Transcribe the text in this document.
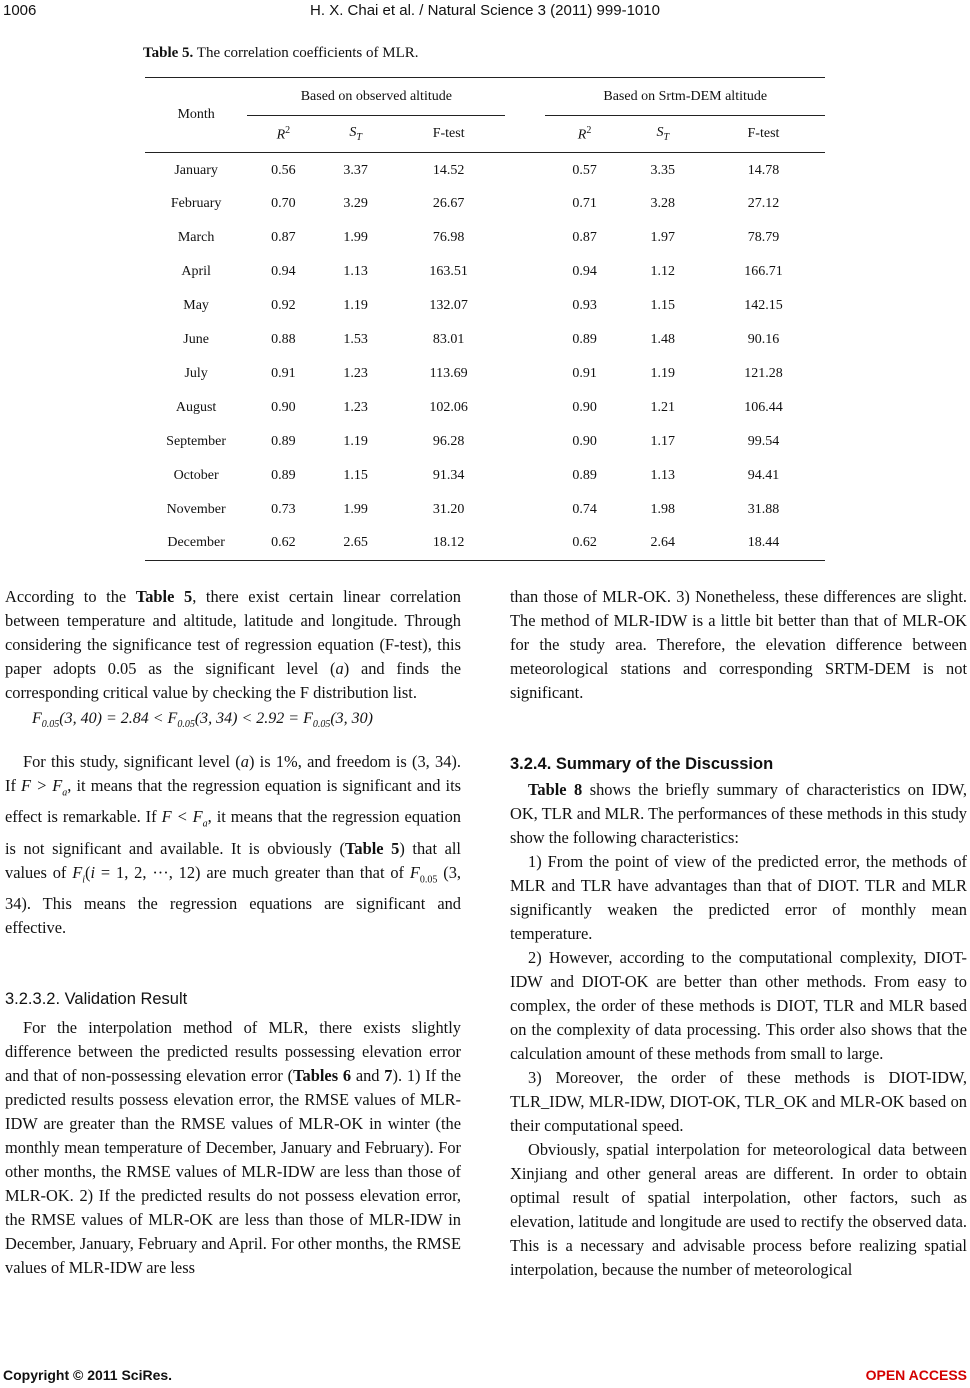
H. X. Chai et al. / Natural Science 3 (2011) 999-1010
1006
Table 5. The correlation coefficients of MLR.
Month	Based on observed altitude				Based on Srtm-DEM altitude		
	$R^2$	$S_T$	F-test		$R^2$	$S_T$	F-test
January	0.56	3.37	14.52		0.57	3.35	14.78
February	0.70	3.29	26.67		0.71	3.28	27.12
March	0.87	1.99	76.98		0.87	1.97	78.79
April	0.94	1.13	163.51		0.94	1.12	166.71
May	0.92	1.19	132.07		0.93	1.15	142.15
June	0.88	1.53	83.01		0.89	1.48	90.16
July	0.91	1.23	113.69		0.91	1.19	121.28
August	0.90	1.23	102.06		0.90	1.21	106.44
September	0.89	1.19	96.28		0.90	1.17	99.54
October	0.89	1.15	91.34		0.89	1.13	94.41
November	0.73	1.99	31.20		0.74	1.98	31.88
December	0.62	2.65	18.12		0.62	2.64	18.44

According to the Table 5, there exist certain linear correlation between temperature and altitude, latitude and longitude. Through considering the significance test of regression equation (F-test), this paper adopts 0.05 as the significant level (a) and finds the corresponding critical value by checking the F distribution list.

$F_{0.05}(3$, $40) = 2.84 < F_{0.05}(3$, $34) < 2.92 = F_{0.05}(3$, 30)

For this study, significant level (a) is 1%, and freedom is (3, 34). If $F > F_a$, it means that the regression equation is significant and its effect is remarkable. If $F < F_a$, it means that the regression equation is not significant and available. It is obviously (Table 5) that all values of $F_i(i = 1$, 2, ···, 12) are much greater than that of $F_{0.05}$ (3, 34). This means the regression equations are significant and effective.

3.2.3.2. Validation Result

For the interpolation method of MLR, there exists slightly difference between the predicted results possessing elevation error and that of non-possessing elevation error (Tables 6 and 7). 1) If the predicted results possess elevation error, the RMSE values of MLR-IDW are greater than the RMSE values of MLR-OK in winter (the monthly mean temperature of December, January and February). For other months, the RMSE values of MLR-IDW are less than those of MLR-OK. 2) If the predicted results do not possess elevation error, the RMSE values of MLR-OK are less than those of MLR-IDW in December, January, February and April. For other months, the RMSE values of MLR-IDW are less

than those of MLR-OK. 3) Nonetheless, these differences are slight. The method of MLR-IDW is a little bit better than that of MLR-OK for the study area. Therefore, the elevation difference between meteorological stations and corresponding SRTM-DEM is not significant.

3.2.4. Summary of the Discussion

Table 8 shows the briefly summary of characteristics on IDW, OK, TLR and MLR. The performances of these methods in this study show the following characteristics:

1) From the point of view of the predicted error, the methods of MLR and TLR have advantages than that of DIOT. TLR and MLR significantly weaken the predicted error of monthly mean temperature.

2) However, according to the computational complexity, DIOT-IDW and DIOT-OK are better than other methods. From easy to complex, the order of these methods is DIOT, TLR and MLR based on the complexity of data processing. This order also shows that the calculation amount of these methods from small to large.

3) Moreover, the order of these methods is DIOT-IDW, TLR_IDW, MLR-IDW, DIOT-OK, TLR_OK and MLR-OK based on their computational speed.

Obviously, spatial interpolation for meteorological data between Xinjiang and other general areas are different. In order to obtain optimal result of spatial interpolation, other factors, such as elevation, latitude and longitude are used to rectify the observed data. This is a necessary and advisable process before realizing spatial interpolation, because the number of meteorological

Copyright © 2011 SciRes.	OPEN ACCESS
